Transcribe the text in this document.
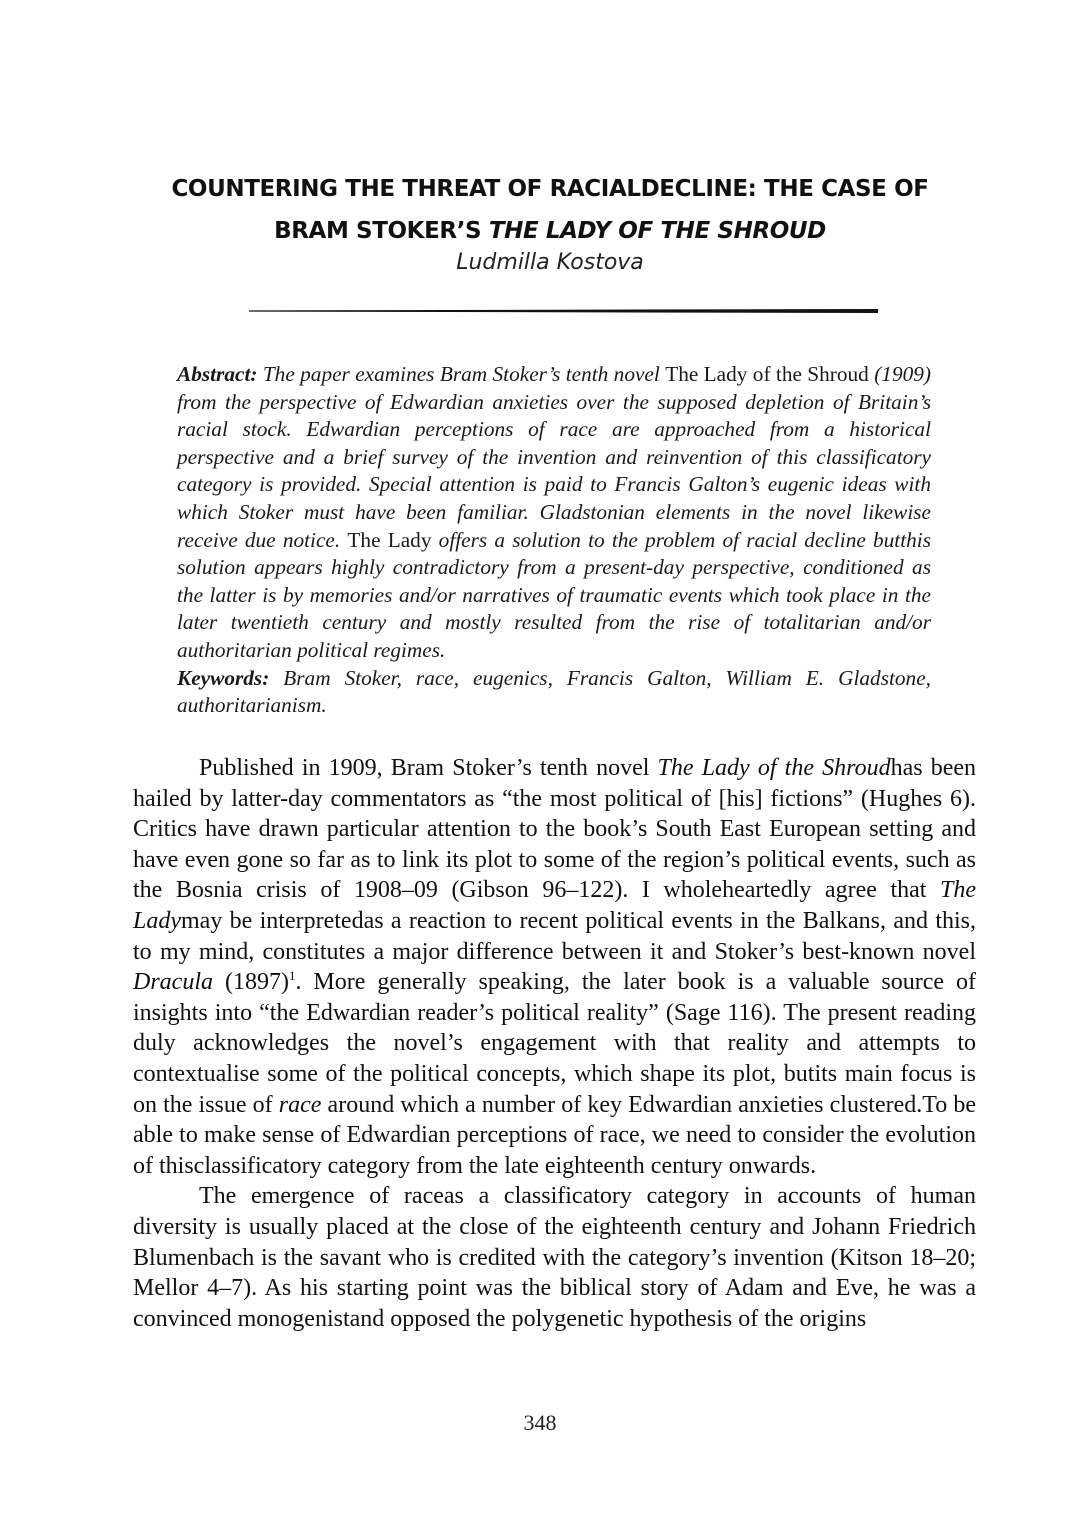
COUNTERING THE THREAT OF RACIALDECLINE: THE CASE OF
BRAM STOKER’S THE LADY OF THE SHROUD
Ludmilla Kostova

Abstract: The paper examines Bram Stoker’s tenth novel The Lady of the Shroud (1909) from the perspective of Edwardian anxieties over the supposed depletion of Britain’s racial stock. Edwardian perceptions of race are approached from a historical perspective and a brief survey of the invention and reinvention of this classificatory category is provided. Special attention is paid to Francis Galton’s eugenic ideas with which Stoker must have been familiar. Gladstonian elements in the novel likewise receive due notice. The Lady offers a solution to the problem of racial decline butthis solution appears highly contradictory from a present-day perspective, conditioned as the latter is by memories and/or narratives of traumatic events which took place in the later twentieth century and mostly resulted from the rise of totalitarian and/or authoritarian political regimes.

Keywords: Bram Stoker, race, eugenics, Francis Galton, William E. Gladstone, authoritarianism.

Published in 1909, Bram Stoker’s tenth novel The Lady of the Shroudhas been hailed by latter-day commentators as “the most political of [his] fictions” (Hughes 6). Critics have drawn particular attention to the book’s South East European setting and have even gone so far as to link its plot to some of the region’s political events, such as the Bosnia crisis of 1908–09 (Gibson 96–122). I wholeheartedly agree that The Ladymay be interpretedas a reaction to recent political events in the Balkans, and this, to my mind, constitutes a major difference between it and Stoker’s best-known novel Dracula $(1897)^1$. More generally speaking, the later book is a valuable source of insights into “the Edwardian reader’s political reality” (Sage 116). The present reading duly acknowledges the novel’s engagement with that reality and attempts to contextualise some of the political concepts, which shape its plot, butits main focus is on the issue of race around which a number of key Edwardian anxieties clustered.To be able to make sense of Edwardian perceptions of race, we need to consider the evolution of thisclassificatory category from the late eighteenth century onwards.

The emergence of raceas a classificatory category in accounts of human diversity is usually placed at the close of the eighteenth century and Johann Friedrich Blumenbach is the savant who is credited with the category’s invention (Kitson 18–20; Mellor 4–7). As his starting point was the biblical story of Adam and Eve, he was a convinced monogenistand opposed the polygenetic hypothesis of the origins

348
